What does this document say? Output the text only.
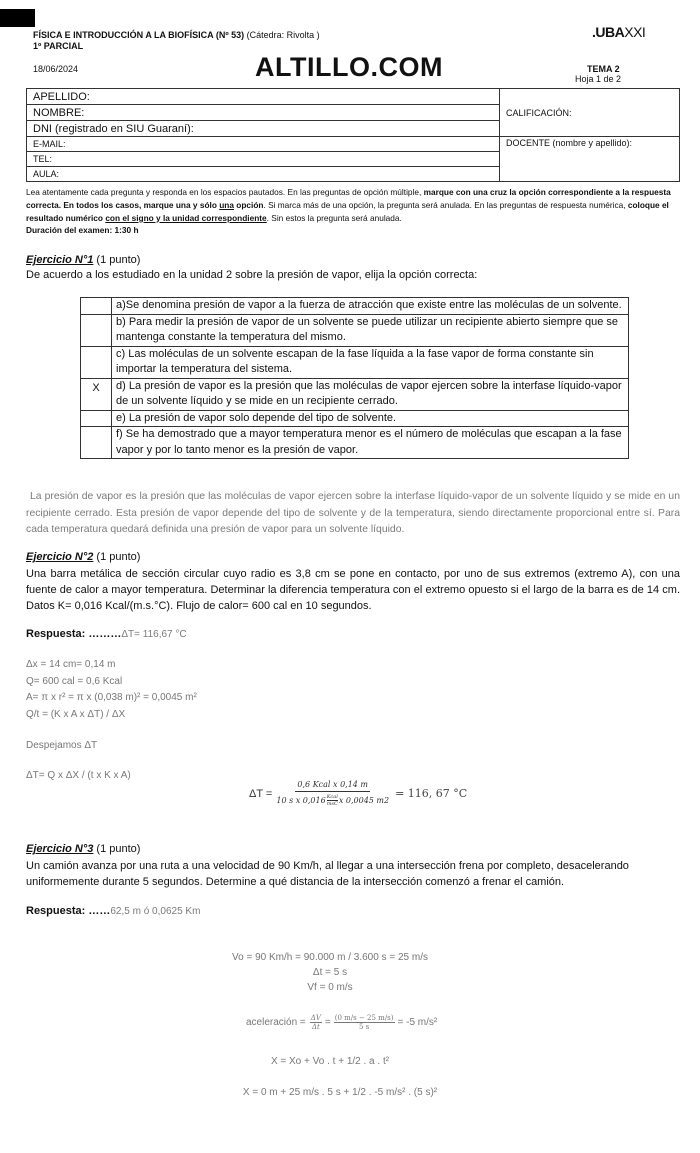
FÍSICA E INTRODUCCIÓN A LA BIOFÍSICA (Nº 53) (Cátedra: Rivolta )
1º PARCIAL
18/06/2024
.UBAXXI
ALTILLO.COM	TEMA 2
Hoja 1 de 2
APELLIDO:	CALIFICACIÓN:
NOMBRE:	
DNI (registrado en SIU Guaraní):	
E-MAIL:	DOCENTE (nombre y apellido):
TEL:	
AULA:	
Lea atentamente cada pregunta y responda en los espacios pautados. En las preguntas de opción múltiple, marque con una cruz la opción correspondiente a la respuesta correcta. En todos los casos, marque una y sólo una opción. Si marca más de una opción, la pregunta será anulada. En las preguntas de respuesta numérica, coloque el resultado numérico con el signo y la unidad correspondiente. Sin estos la pregunta será anulada.
Duración del examen: 1:30 h
Ejercicio N°1 (1 punto)
De acuerdo a los estudiado en la unidad 2 sobre la presión de vapor, elija la opción correcta:
	a)Se denomina presión de vapor a la fuerza de atracción que existe entre las moléculas de un solvente.
	b) Para medir la presión de vapor de un solvente se puede utilizar un recipiente abierto siempre que se mantenga constante la temperatura del mismo.
	c) Las moléculas de un solvente escapan de la fase líquida a la fase vapor de forma constante sin importar la temperatura del sistema.
X	d) La presión de vapor es la presión que las moléculas de vapor ejercen sobre la interfase líquido-vapor de un solvente líquido y se mide en un recipiente cerrado.
	e) La presión de vapor solo depende del tipo de solvente.
	f) Se ha demostrado que a mayor temperatura menor es el número de moléculas que escapan a la fase vapor y por lo tanto menor es la presión de vapor.
La presión de vapor es la presión que las moléculas de vapor ejercen sobre la interfase líquido-vapor de un solvente líquido y se mide en un recipiente cerrado. Esta presión de vapor depende del tipo de solvente y de la temperatura, siendo directamente proporcional entre sí. Para cada temperatura quedará definida una presión de vapor para un solvente líquido.
Ejercicio N°2 (1 punto)
Una barra metálica de sección circular cuyo radio es 3,8 cm se pone en contacto, por uno de sus extremos (extremo A), con una fuente de calor a mayor temperatura. Determinar la diferencia temperatura con el extremo opuesto si el largo de la barra es de 14 cm. Datos K= 0,016 Kcal/(m.s.°C). Flujo de calor= 600 cal en 10 segundos.
Respuesta: ………ΔT= 116,67 °C
Δx = 14 cm= 0,14 m
Q= 600 cal = 0,6 Kcal
A= π x r² = π x (0,038 m)² = 0,0045 m²
Q/t = (K x A x ΔT) / ΔX
Despejamos ΔT
ΔT= Q x ΔX / (t x K x A)
ΔT =
0,6 Kcal x 0,14 m
10 s x 0,016 Kcal
msC x 0,0045 m2
= 116, 67 °C
Ejercicio N°3 (1 punto)
Un camión avanza por una ruta a una velocidad de 90 Km/h, al llegar a una intersección frena por completo, desacelerando uniformemente durante 5 segundos. Determine a qué distancia de la intersección comenzó a frenar el camión.
Respuesta: ……62,5 m ó 0,0625 Km
Vo = 90 Km/h = 90.000 m / 3.600 s = 25 m/s
Δt = 5 s
Vf = 0 m/s
aceleración = $\frac{\Delta V}{\Delta t} = \frac{(0 m/s - 25 m/s)}{5 s} = -5$ m/s²
X = Xo + Vo . t + 1/2 . a . t²
X = 0 m + 25 m/s . 5 s + 1/2 . -5 m/s² . (5 s)²
